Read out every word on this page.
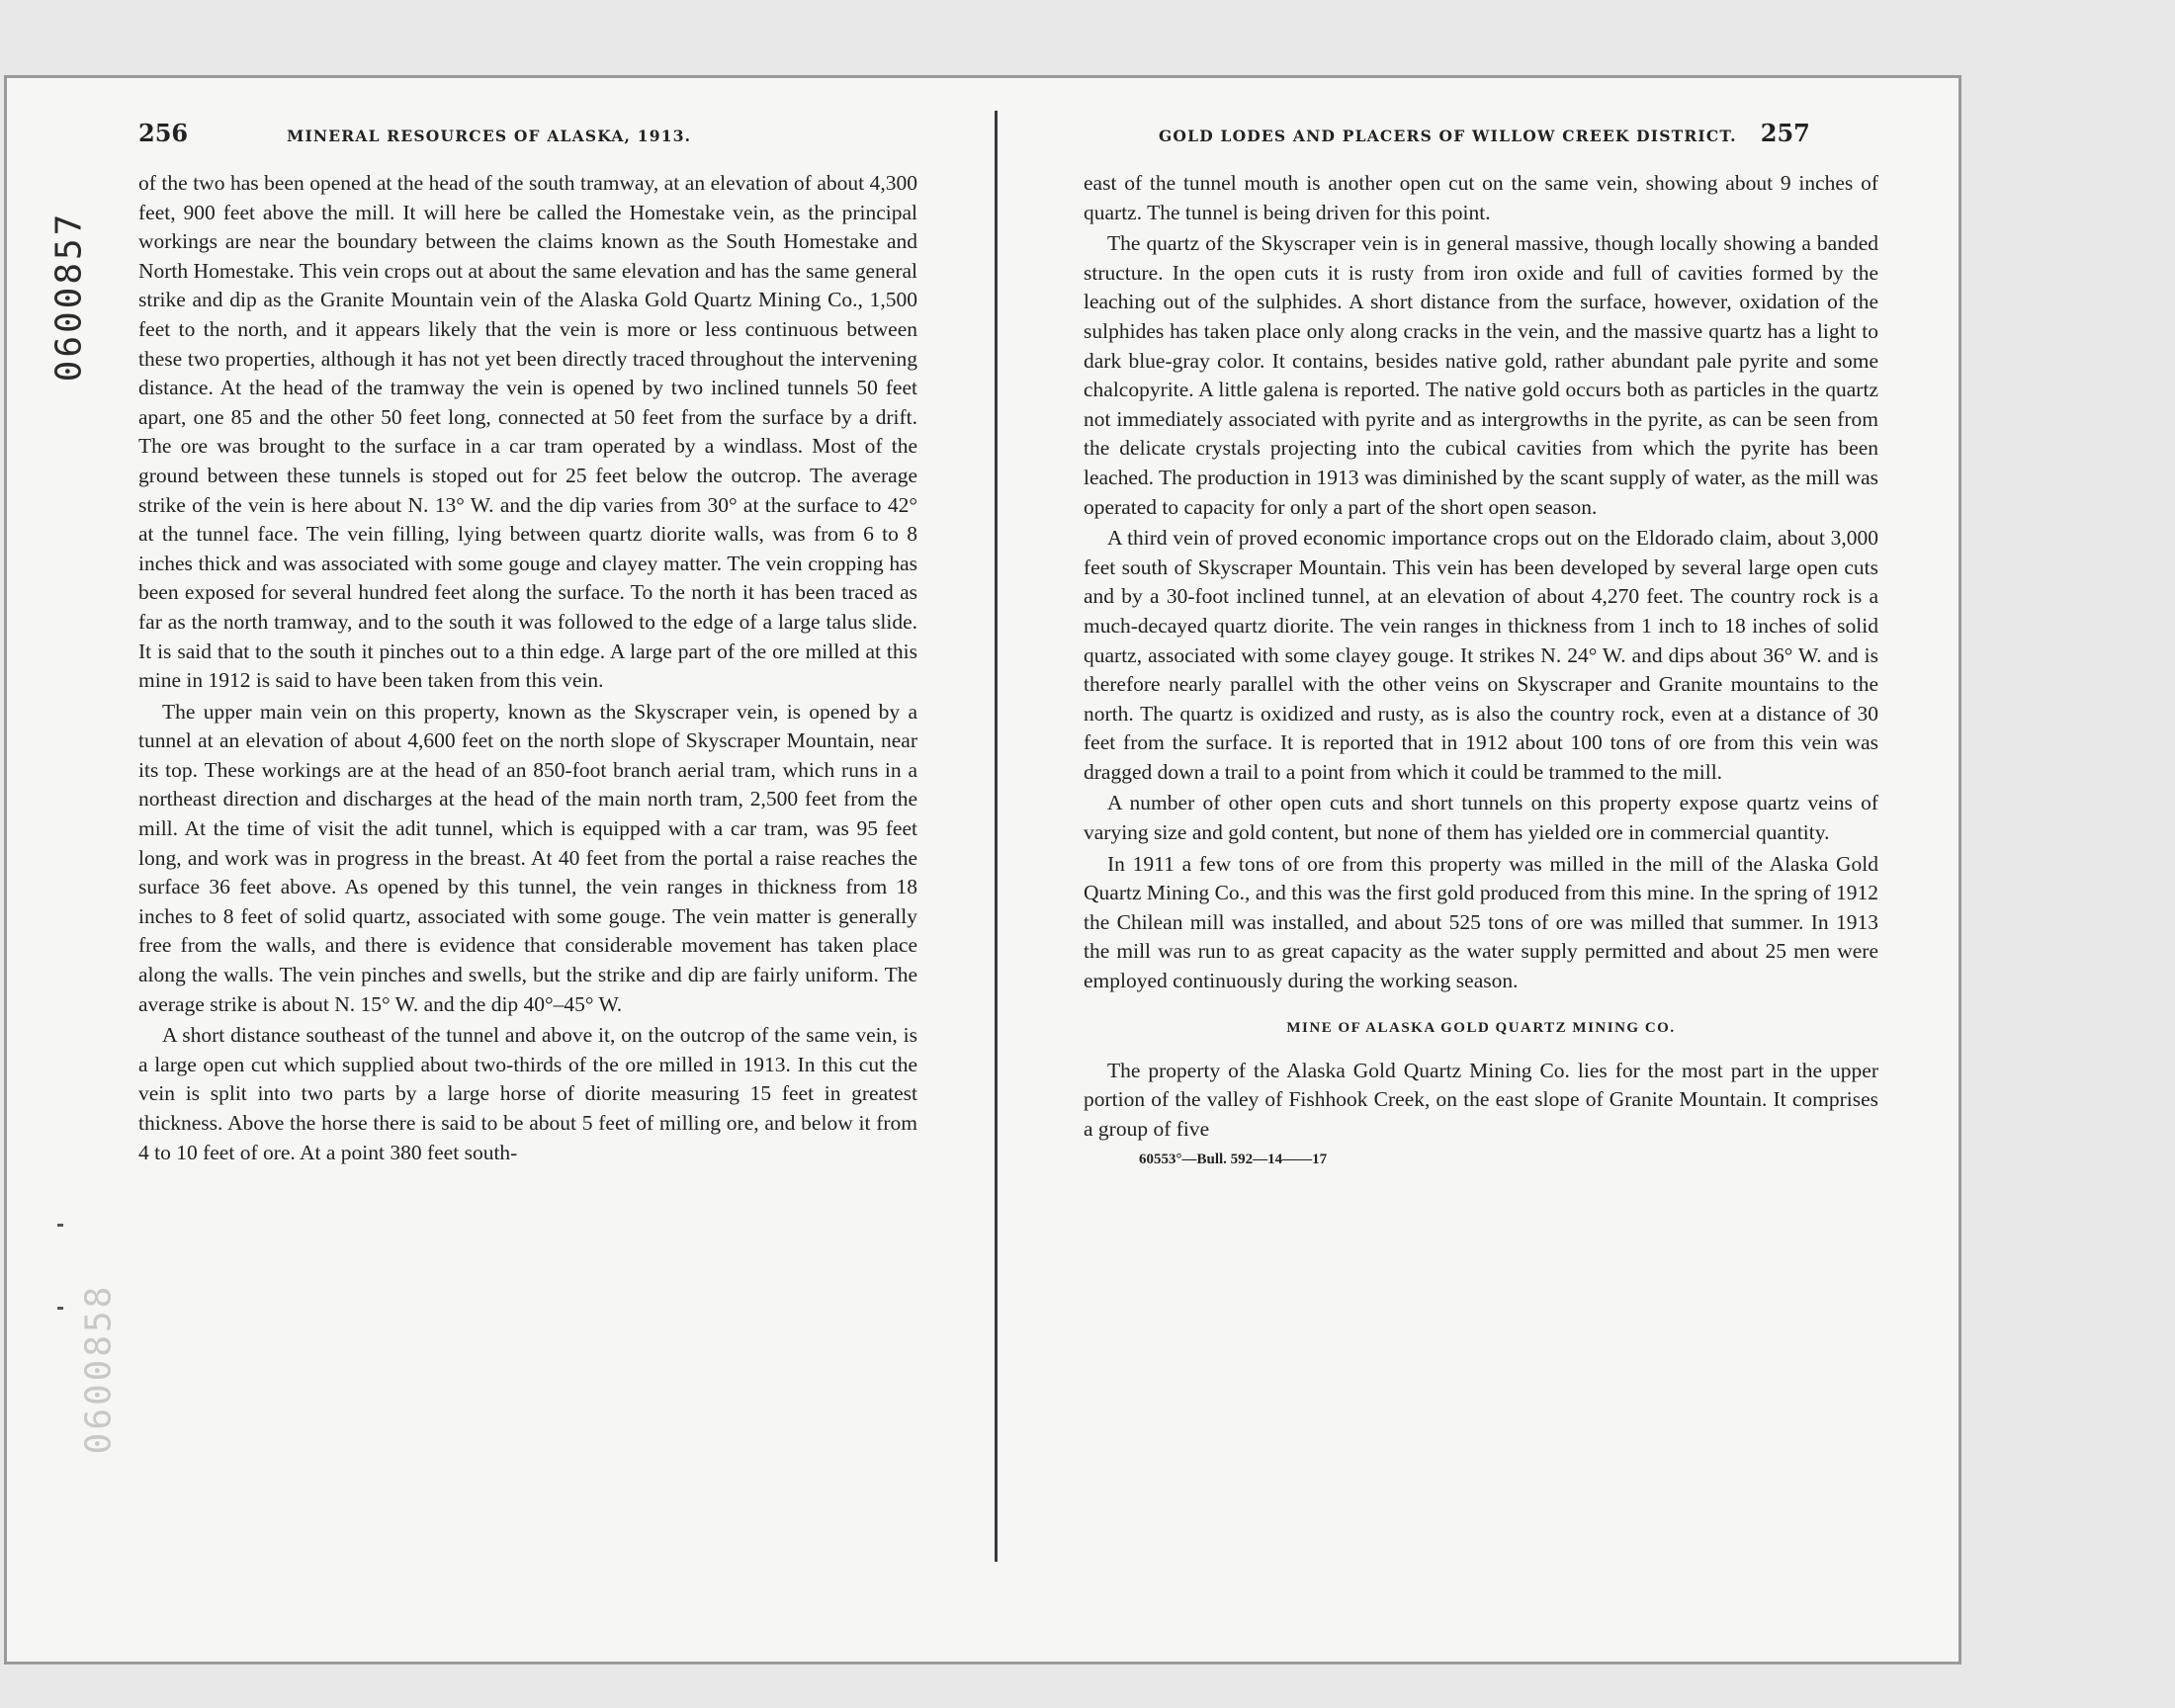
0600857
0600858
256	MINERAL RESOURCES OF ALASKA, 1913.

of the two has been opened at the head of the south tramway, at an elevation of about 4,300 feet, 900 feet above the mill. It will here be called the Homestake vein, as the principal workings are near the boundary between the claims known as the South Homestake and North Homestake. This vein crops out at about the same elevation and has the same general strike and dip as the Granite Mountain vein of the Alaska Gold Quartz Mining Co., 1,500 feet to the north, and it appears likely that the vein is more or less continuous between these two properties, although it has not yet been directly traced throughout the intervening distance. At the head of the tramway the vein is opened by two inclined tunnels 50 feet apart, one 85 and the other 50 feet long, connected at 50 feet from the surface by a drift. The ore was brought to the surface in a car tram operated by a windlass. Most of the ground between these tunnels is stoped out for 25 feet below the outcrop. The average strike of the vein is here about N. 13° W. and the dip varies from 30° at the surface to 42° at the tunnel face. The vein filling, lying between quartz diorite walls, was from 6 to 8 inches thick and was associated with some gouge and clayey matter. The vein cropping has been exposed for several hundred feet along the surface. To the north it has been traced as far as the north tramway, and to the south it was followed to the edge of a large talus slide. It is said that to the south it pinches out to a thin edge. A large part of the ore milled at this mine in 1912 is said to have been taken from this vein.

The upper main vein on this property, known as the Skyscraper vein, is opened by a tunnel at an elevation of about 4,600 feet on the north slope of Skyscraper Mountain, near its top. These workings are at the head of an 850-foot branch aerial tram, which runs in a northeast direction and discharges at the head of the main north tram, 2,500 feet from the mill. At the time of visit the adit tunnel, which is equipped with a car tram, was 95 feet long, and work was in progress in the breast. At 40 feet from the portal a raise reaches the surface 36 feet above. As opened by this tunnel, the vein ranges in thickness from 18 inches to 8 feet of solid quartz, associated with some gouge. The vein matter is generally free from the walls, and there is evidence that considerable movement has taken place along the walls. The vein pinches and swells, but the strike and dip are fairly uniform. The average strike is about N. 15° W. and the dip 40°–45° W.

A short distance southeast of the tunnel and above it, on the outcrop of the same vein, is a large open cut which supplied about two-thirds of the ore milled in 1913. In this cut the vein is split into two parts by a large horse of diorite measuring 15 feet in greatest thickness. Above the horse there is said to be about 5 feet of milling ore, and below it from 4 to 10 feet of ore. At a point 380 feet south-

GOLD LODES AND PLACERS OF WILLOW CREEK DISTRICT. 257

east of the tunnel mouth is another open cut on the same vein, showing about 9 inches of quartz. The tunnel is being driven for this point.

The quartz of the Skyscraper vein is in general massive, though locally showing a banded structure. In the open cuts it is rusty from iron oxide and full of cavities formed by the leaching out of the sulphides. A short distance from the surface, however, oxidation of the sulphides has taken place only along cracks in the vein, and the massive quartz has a light to dark blue-gray color. It contains, besides native gold, rather abundant pale pyrite and some chalcopyrite. A little galena is reported. The native gold occurs both as particles in the quartz not immediately associated with pyrite and as intergrowths in the pyrite, as can be seen from the delicate crystals projecting into the cubical cavities from which the pyrite has been leached. The production in 1913 was diminished by the scant supply of water, as the mill was operated to capacity for only a part of the short open season.

A third vein of proved economic importance crops out on the Eldorado claim, about 3,000 feet south of Skyscraper Mountain. This vein has been developed by several large open cuts and by a 30-foot inclined tunnel, at an elevation of about 4,270 feet. The country rock is a much-decayed quartz diorite. The vein ranges in thickness from 1 inch to 18 inches of solid quartz, associated with some clayey gouge. It strikes N. 24° W. and dips about 36° W. and is therefore nearly parallel with the other veins on Skyscraper and Granite mountains to the north. The quartz is oxidized and rusty, as is also the country rock, even at a distance of 30 feet from the surface. It is reported that in 1912 about 100 tons of ore from this vein was dragged down a trail to a point from which it could be trammed to the mill.

A number of other open cuts and short tunnels on this property expose quartz veins of varying size and gold content, but none of them has yielded ore in commercial quantity.

In 1911 a few tons of ore from this property was milled in the mill of the Alaska Gold Quartz Mining Co., and this was the first gold produced from this mine. In the spring of 1912 the Chilean mill was installed, and about 525 tons of ore was milled that summer. In 1913 the mill was run to as great capacity as the water supply permitted and about 25 men were employed continuously during the working season.

MINE OF ALASKA GOLD QUARTZ MINING CO.

The property of the Alaska Gold Quartz Mining Co. lies for the most part in the upper portion of the valley of Fishhook Creek, on the east slope of Granite Mountain. It comprises a group of five

60553°—Bull. 592—14——17
